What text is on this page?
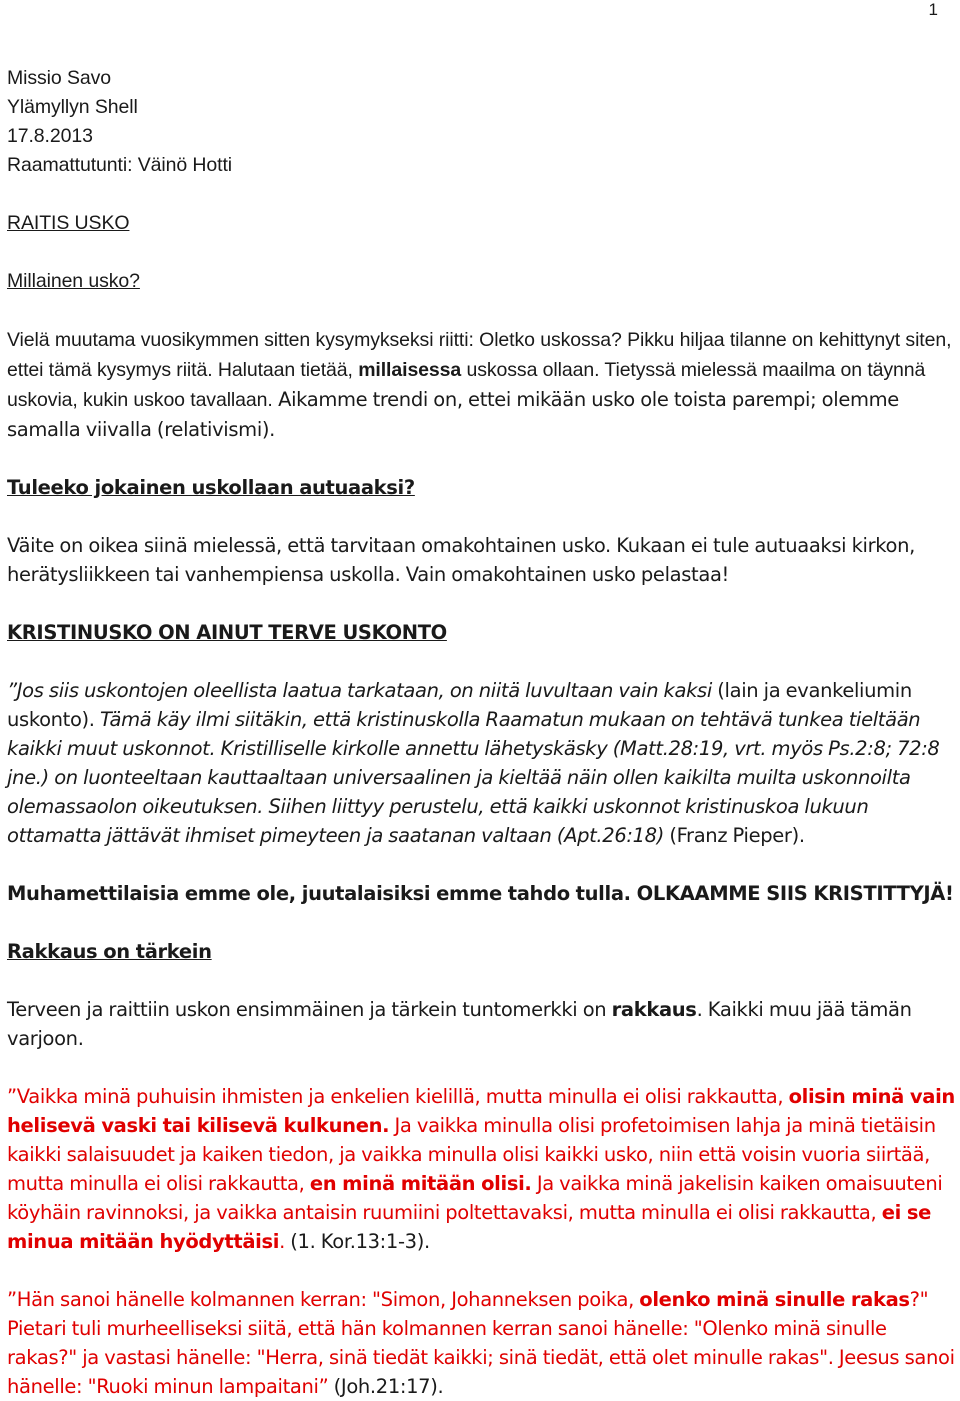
1

Missio Savo

Ylämyllyn Shell

17.8.2013

Raamattutunti: Väinö Hotti

RAITIS USKO

Millainen usko?

Vielä muutama vuosikymmen sitten kysymykseksi riitti: Oletko uskossa? Pikku hiljaa tilanne on kehittynyt siten, ettei tämä kysymys riitä. Halutaan tietää, millaisessa uskossa ollaan. Tietyssä mielessä maailma on täynnä uskovia, kukin uskoo tavallaan. Aikamme trendi on, ettei mikään usko ole toista parempi; olemme samalla viivalla (relativismi).

Tuleeko jokainen uskollaan autuaaksi?

Väite on oikea siinä mielessä, että tarvitaan omakohtainen usko. Kukaan ei tule autuaaksi kirkon, herätysliikkeen tai vanhempiensa uskolla. Vain omakohtainen usko pelastaa!

KRISTINUSKO ON AINUT TERVE USKONTO

”Jos siis uskontojen oleellista laatua tarkataan, on niitä luvultaan vain kaksi (lain ja evankeliumin uskonto). Tämä käy ilmi siitäkin, että kristinuskolla Raamatun mukaan on tehtävä tunkea tieltään kaikki muut uskonnot. Kristilliselle kirkolle annettu lähetyskäsky (Matt.28:19, vrt. myös Ps.2:8; 72:8 jne.) on luonteeltaan kauttaaltaan universaalinen ja kieltää näin ollen kaikilta muilta uskonnoilta olemassaolon oikeutuksen. Siihen liittyy perustelu, että kaikki uskonnot kristinuskoa lukuun ottamatta jättävät ihmiset pimeyteen ja saatanan valtaan (Apt.26:18) (Franz Pieper).

Muhamettilaisia emme ole, juutalaisiksi emme tahdo tulla. OLKAAMME SIIS KRISTITTYJÄ!

Rakkaus on tärkein

Terveen ja raittiin uskon ensimmäinen ja tärkein tuntomerkki on rakkaus. Kaikki muu jää tämän varjoon.

”Vaikka minä puhuisin ihmisten ja enkelien kielillä, mutta minulla ei olisi rakkautta, olisin minä vain helisevä vaski tai kilisevä kulkunen. Ja vaikka minulla olisi profetoimisen lahja ja minä tietäisin kaikki salaisuudet ja kaiken tiedon, ja vaikka minulla olisi kaikki usko, niin että voisin vuoria siirtää, mutta minulla ei olisi rakkautta, en minä mitään olisi. Ja vaikka minä jakelisin kaiken omaisuuteni köyhäin ravinnoksi, ja vaikka antaisin ruumiini poltettavaksi, mutta minulla ei olisi rakkautta, ei se minua mitään hyödyttäisi. (1. Kor.13:1-3).

”Hän sanoi hänelle kolmannen kerran: "Simon, Johanneksen poika, olenko minä sinulle rakas?" Pietari tuli murheelliseksi siitä, että hän kolmannen kerran sanoi hänelle: "Olenko minä sinulle rakas?" ja vastasi hänelle: "Herra, sinä tiedät kaikki; sinä tiedät, että olet minulle rakas". Jeesus sanoi hänelle: "Ruoki minun lampaitani” (Joh.21:17).
